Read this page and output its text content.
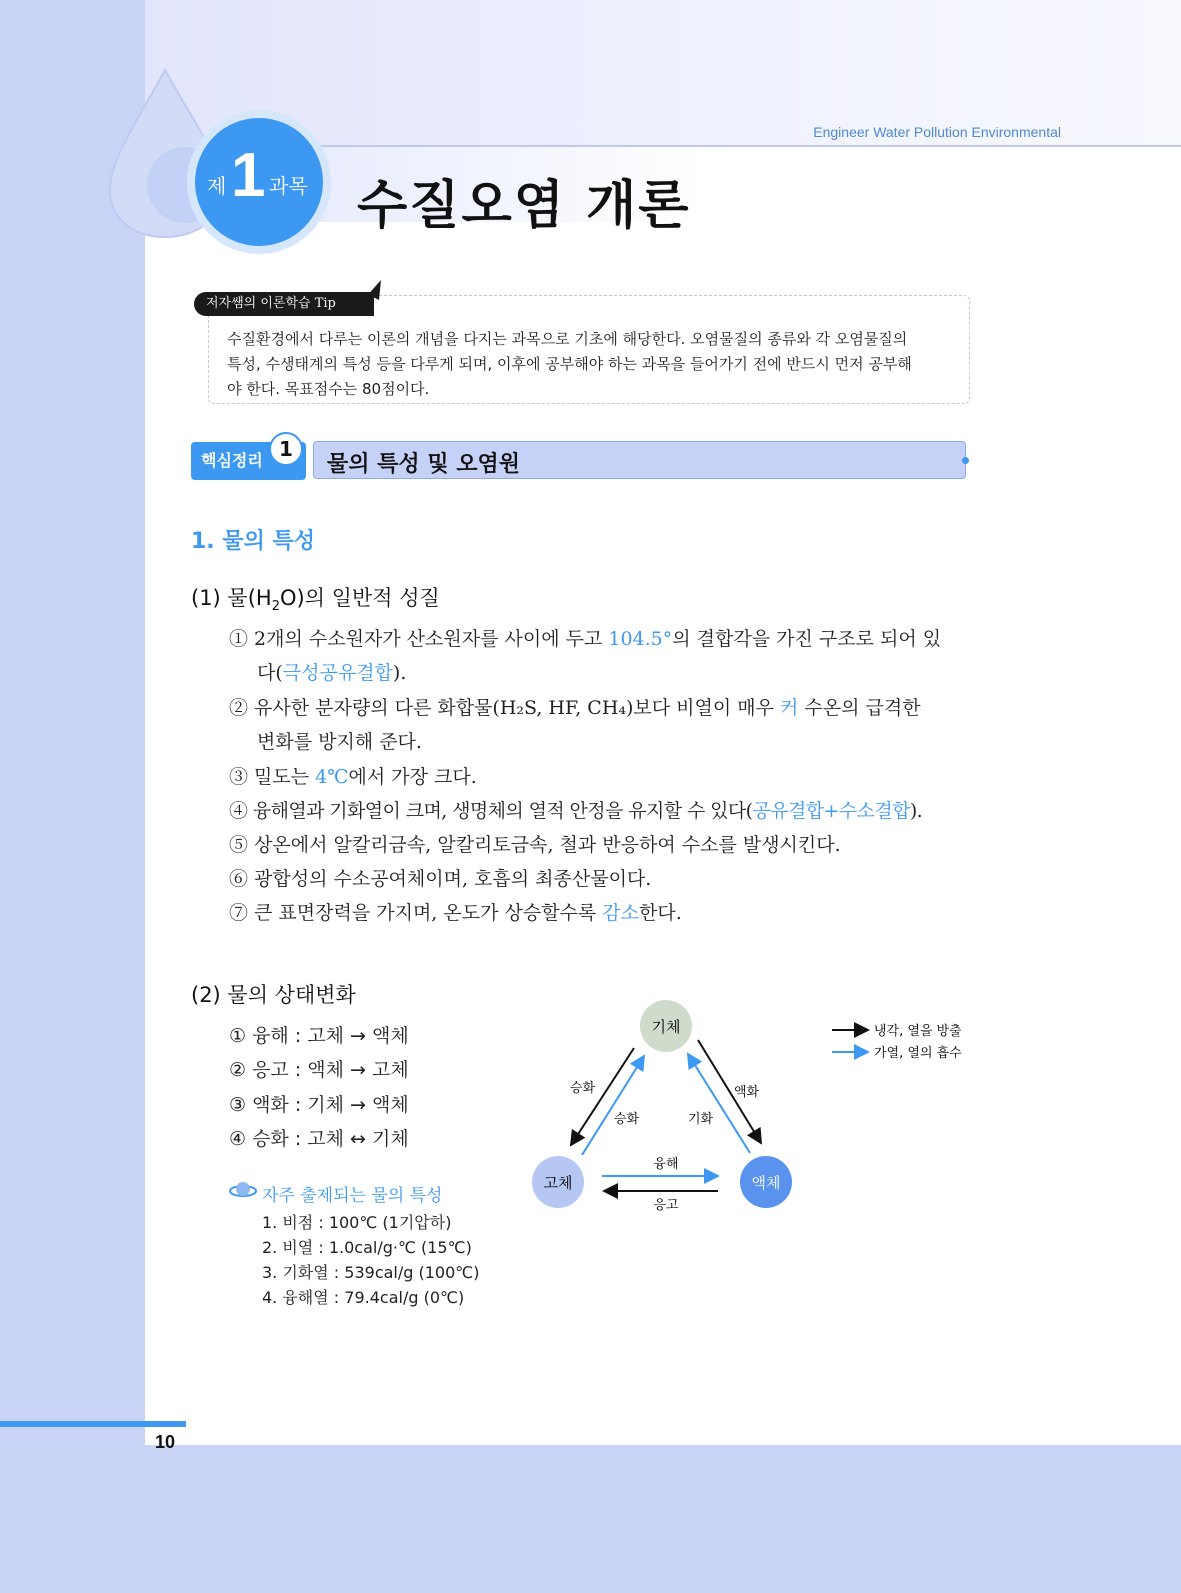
Engineer Water Pollution Environmental
제 1 과목 수질오염 개론
저자쌤의 이론학습 Tip
수질환경에서 다루는 이론의 개념을 다지는 과목으로 기초에 해당한다. 오염물질의 종류와 각 오염물질의
특성, 수생태계의 특성 등을 다루게 되며, 이후에 공부해야 하는 과목을 들어가기 전에 반드시 먼저 공부해
야 한다. 목표점수는 80점이다.
핵심정리 1
물의 특성 및 오염원
1. 물의 특성
(1) 물$(H_2O)$의 일반적 성질
① 2개의 수소원자가 산소원자를 사이에 두고 104.5°의 결합각을 가진 구조로 되어 있
다(극성공유결합).
② 유사한 분자량의 다른 화합물(H₂S, HF, CH₄)보다 비열이 매우 커 수온의 급격한
변화를 방지해 준다.
③ 밀도는 4℃에서 가장 크다.
④ 융해열과 기화열이 크며, 생명체의 열적 안정을 유지할 수 있다(공유결합+수소결합).
⑤ 상온에서 알칼리금속, 알칼리토금속, 철과 반응하여 수소를 발생시킨다.
⑥ 광합성의 수소공여체이며, 호흡의 최종산물이다.
⑦ 큰 표면장력을 가지며, 온도가 상승할수록 감소한다.
(2) 물의 상태변화
① 융해 : 고체 → 액체
② 응고 : 액체 → 고체
③ 액화 : 기체 → 액체
④ 승화 : 고체 ↔ 기체
자주 출제되는 물의 특성
1. 비점 : 100℃ (1기압하)
2. 비열 : 1.0cal/g·℃ (15℃)
3. 기화열 : 539cal/g (100℃)
4. 융해열 : 79.4cal/g (0℃)
기체
고체	액체
승화
승화	기화
액화
융해
응고
냉각, 열을 방출
가열, 열의 흡수
10
